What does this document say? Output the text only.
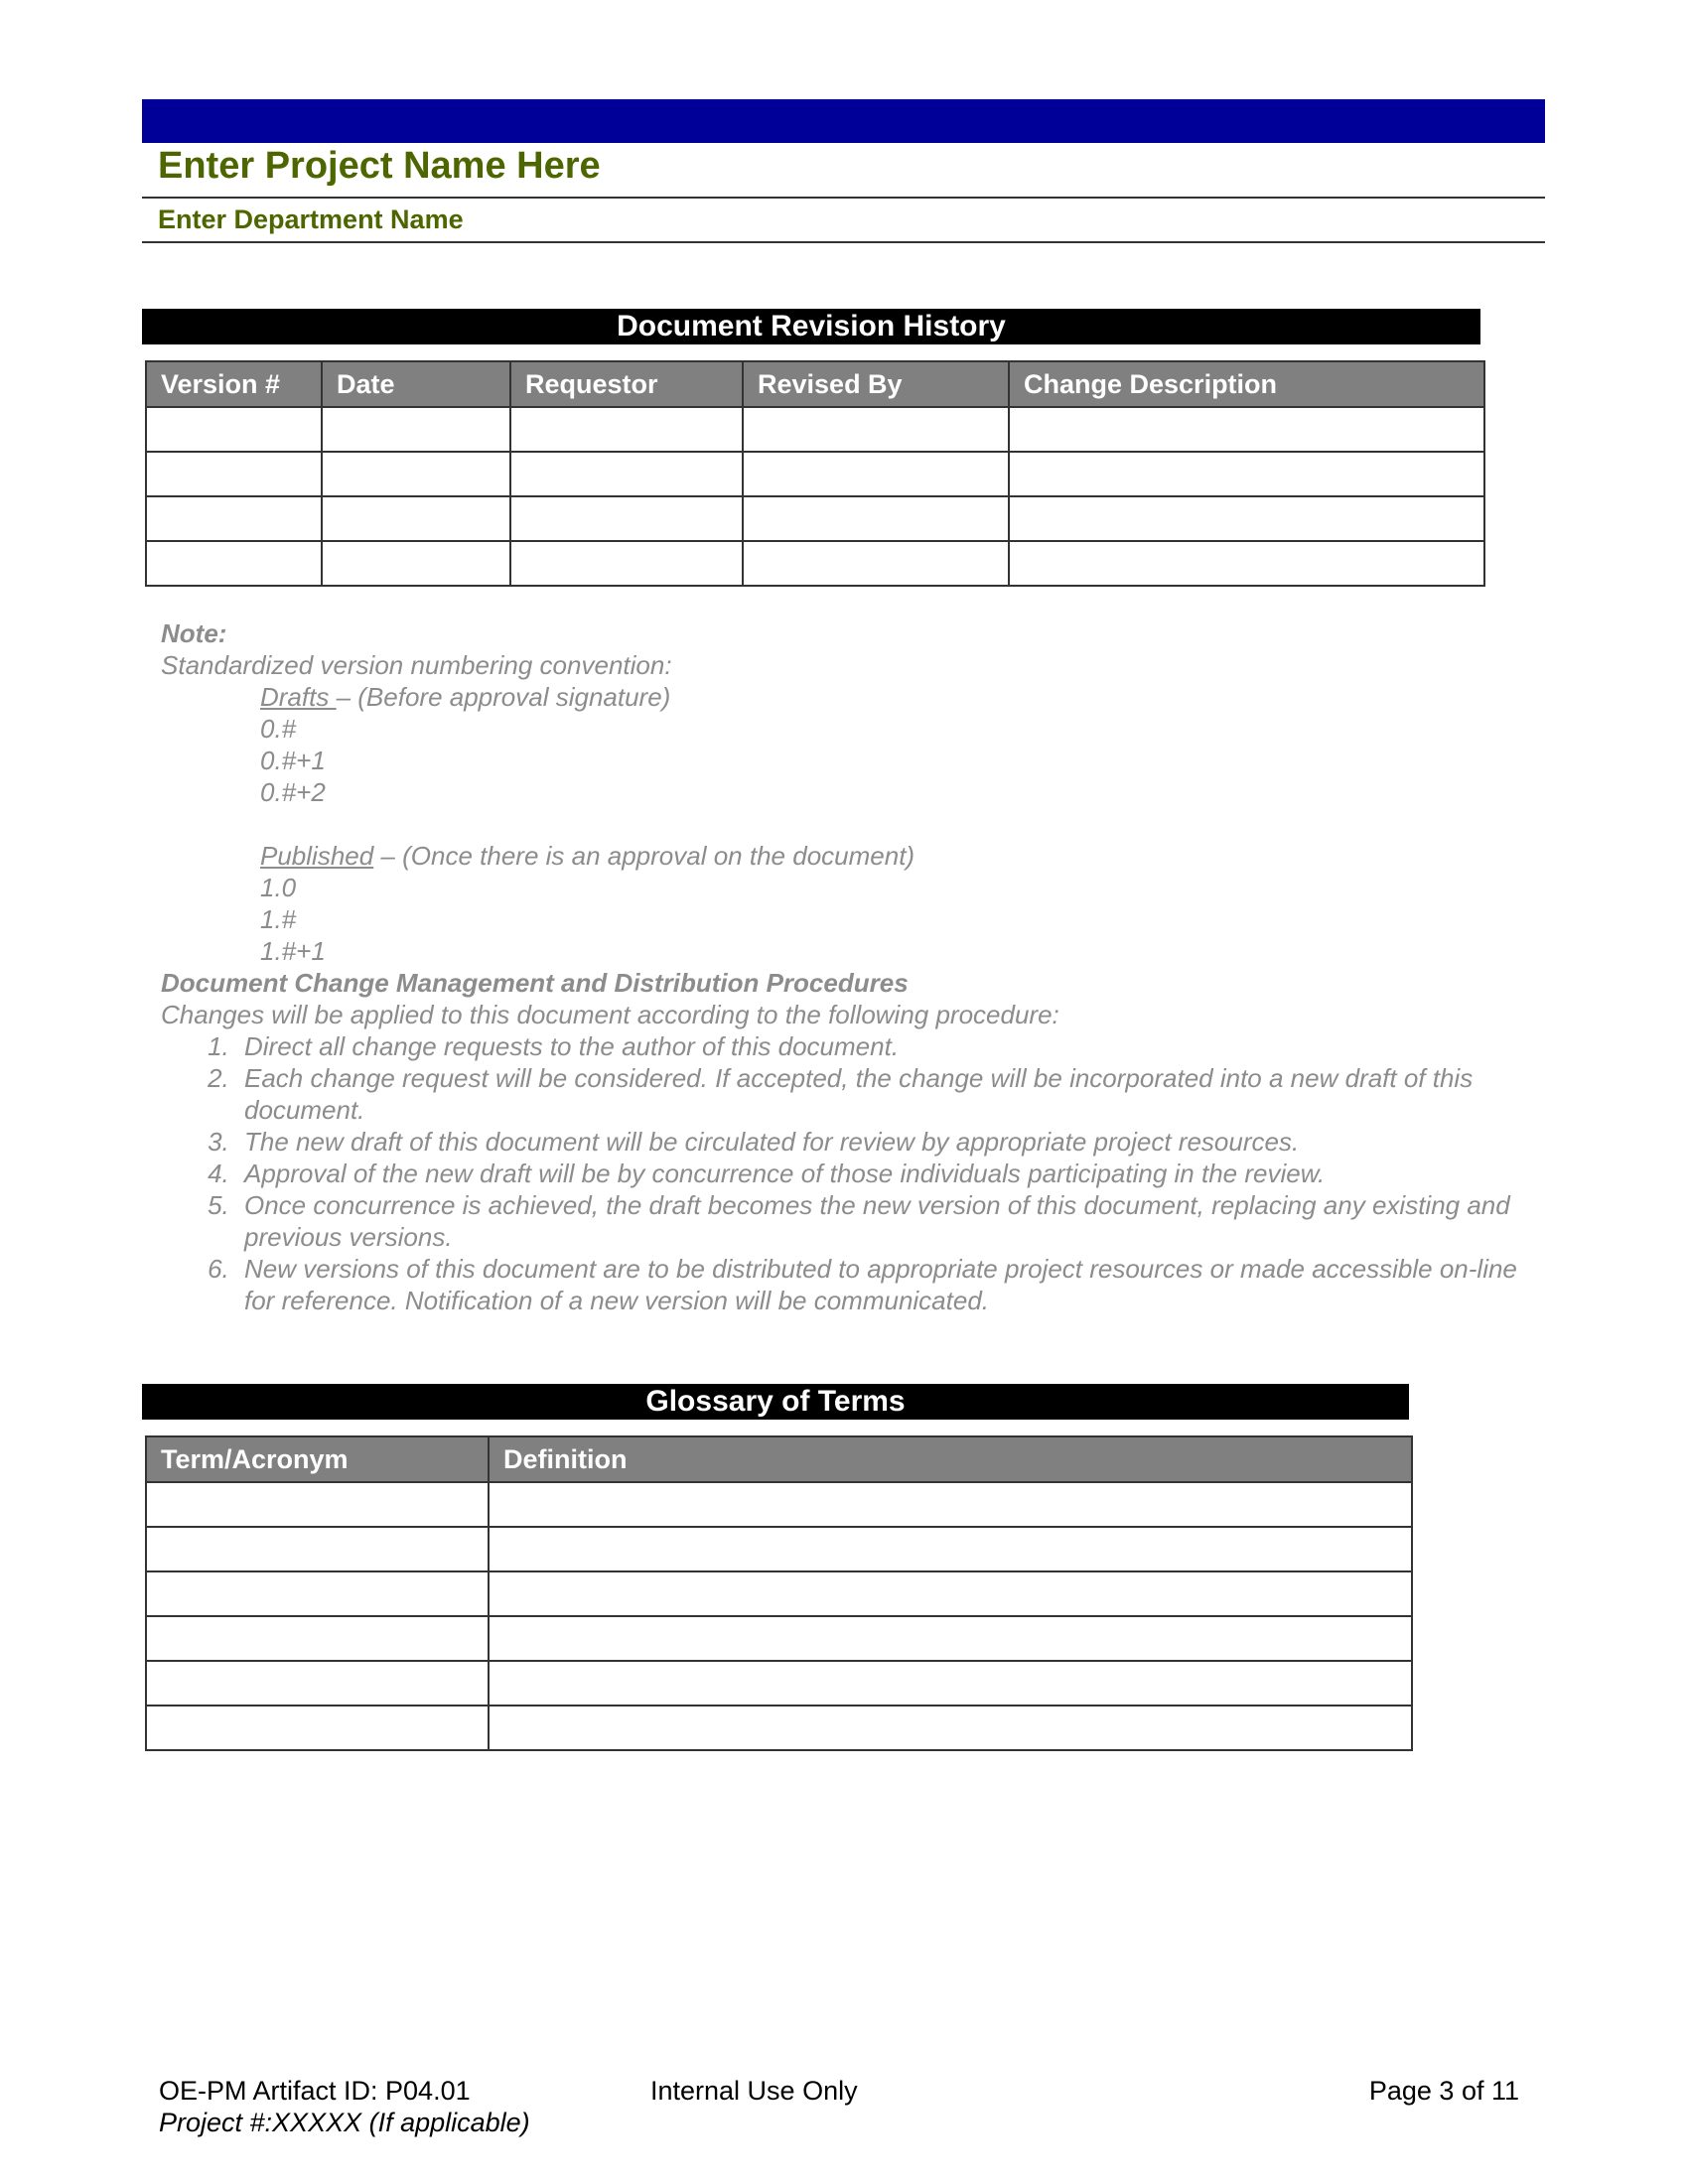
Enter Project Name Here
Enter Department Name
Document Revision History
Version #	Date	Requestor	Revised By	Change Description

Note:
Standardized version numbering convention:
Drafts – (Before approval signature)
0.#
0.#+1
0.#+2
Published – (Once there is an approval on the document)
1.0
1.#
1.#+1
Document Change Management and Distribution Procedures
Changes will be applied to this document according to the following procedure:
1. Direct all change requests to the author of this document.
2. Each change request will be considered. If accepted, the change will be incorporated into a new draft of this document.
3. The new draft of this document will be circulated for review by appropriate project resources.
4. Approval of the new draft will be by concurrence of those individuals participating in the review.
5. Once concurrence is achieved, the draft becomes the new version of this document, replacing any existing and previous versions.
6. New versions of this document are to be distributed to appropriate project resources or made accessible on-line for reference. Notification of a new version will be communicated.
Glossary of Terms
Term/Acronym	Definition

OE-PM Artifact ID: P04.01
Project #:XXXXX (If applicable)
Internal Use Only	Page 3 of 11
